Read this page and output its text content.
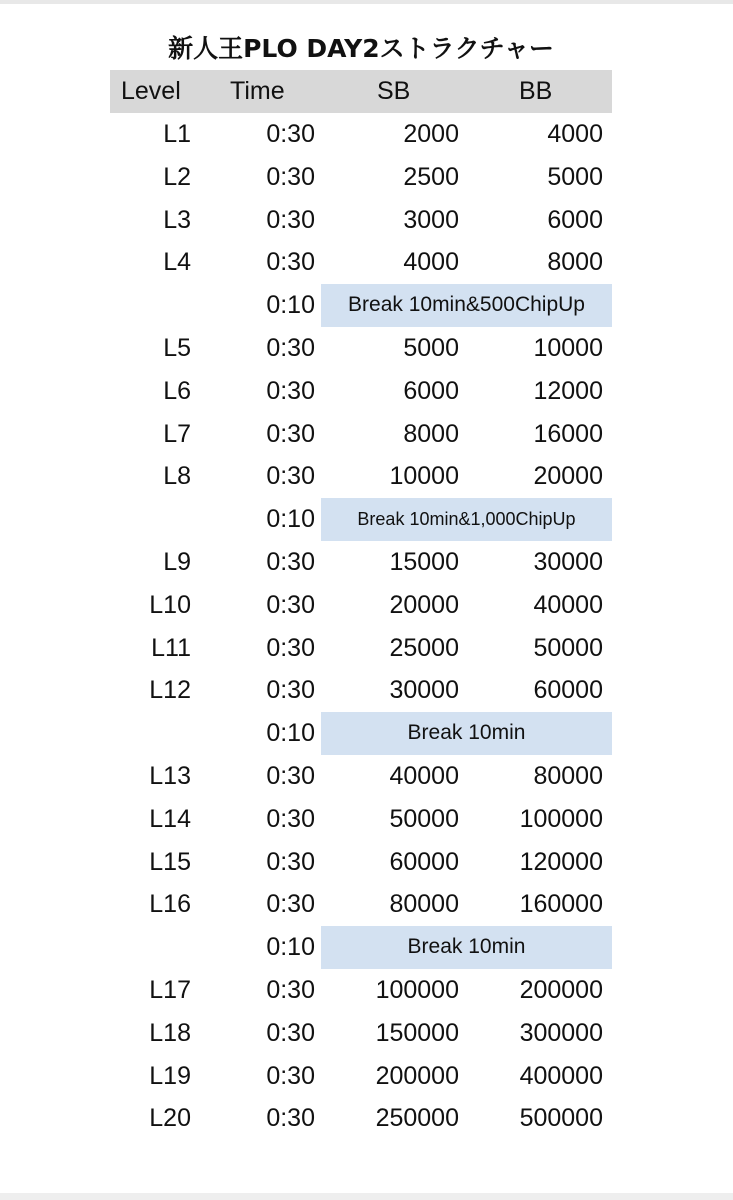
新人王PLO DAY2ストラクチャー
Level Time	SB	BB
L1	0:30	2000	4000
L2	0:30	2500	5000
L3	0:30	3000	6000
L4	0:30	4000	8000
0:10	Break 10min&500ChipUp
L5	0:30	5000	10000
L6	0:30	6000	12000
L7	0:30	8000	16000
L8	0:30	10000	20000
0:10	Break 10min&1,000ChipUp
L9	0:30	15000	30000
L10	0:30	20000	40000
L11	0:30	25000	50000
L12	0:30	30000	60000
0:10	Break 10min
L13	0:30	40000	80000
L14	0:30	50000 100000
L15	0:30	60000 120000
L16	0:30	80000 160000
0:10	Break 10min
L17	0:30 100000 200000
L18	0:30 150000 300000
L19	0:30 200000 400000
L20	0:30 250000 500000
